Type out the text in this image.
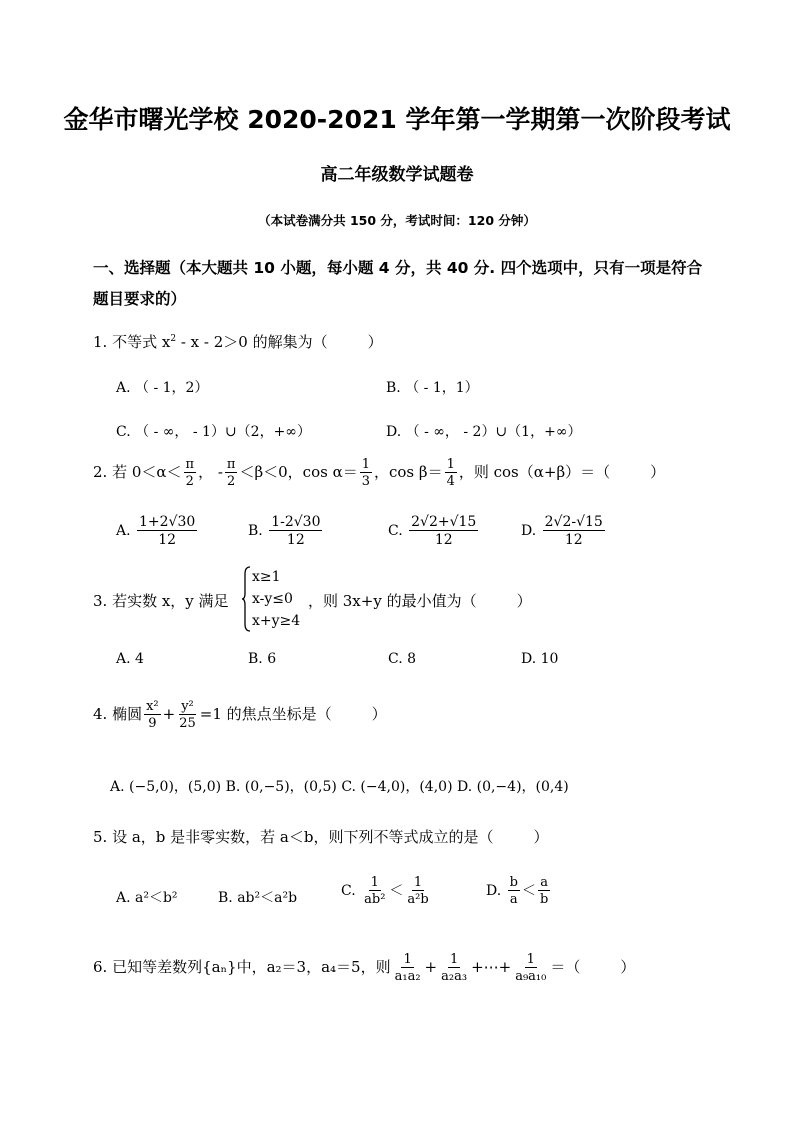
金华市曙光学校 2020-2021 学年第一学期第一次阶段考试
高二年级数学试题卷
（本试卷满分共 150 分，考试时间：120 分钟）
一、选择题（本大题共 10 小题，每小题 4 分，共 40 分. 四个选项中，只有一项是符合
题目要求的）
1. 不等式 $x^2 - x - 2>0$ 的解集为（	）
A. （ - 1，2）	B. （ - 1，1）
C. （ - ∞， - 1）∪（2，+∞）	D. （ - ∞， - 2）∪（1，+∞）
2. 若 $0<\alpha< \frac{\pi}{2}$ ， - $\frac{\pi}{2} <\beta<0$，$\cos \alpha= \frac{1}{3}$ ，$\cos \beta= \frac{1}{4}$ ，则 cos（α+β）＝（	）
A. $\frac{1+2√30}{12}$	B. $\frac{1-2√30}{12}$	C. $\frac{2√2+√15}{12}$	D. $\frac{2√2-√15}{12}$
3. 若实数 x，y 满足
x≥1
x-y≤0
x+y≥4
，则 3x+y 的最小值为（	）
A. 4	B. 6	C. 8	D. 10
4. 椭圆 $\frac{\text{x²}}{9} + \frac{\text{y²}}{25} =1$ 的焦点坐标是（	）
A. (−5,0)，(5,0) B. (0,−5)，(0,5) C. (−4,0)，(4,0) D. (0,−4)，(0,4)
5. 设 a，b 是非零实数，若 a＜b，则下列不等式成立的是（	）
A. a²＜b²	B. ab²＜a²b	C. $\frac{1}{\text{ab²}} < \frac{1}{\text{a²b}}$	D. $\frac{b}{a} < \frac{a}{b}$
6. 已知等差数列{aₙ}中，a₂＝3，a₄＝5，则 $\frac{1}{\text{a₁a₂}} + \frac{1}{\text{a₂a₃}}$ +⋯+ $\frac{1}{\text{a₉a₁₀}}$ ＝（	）
